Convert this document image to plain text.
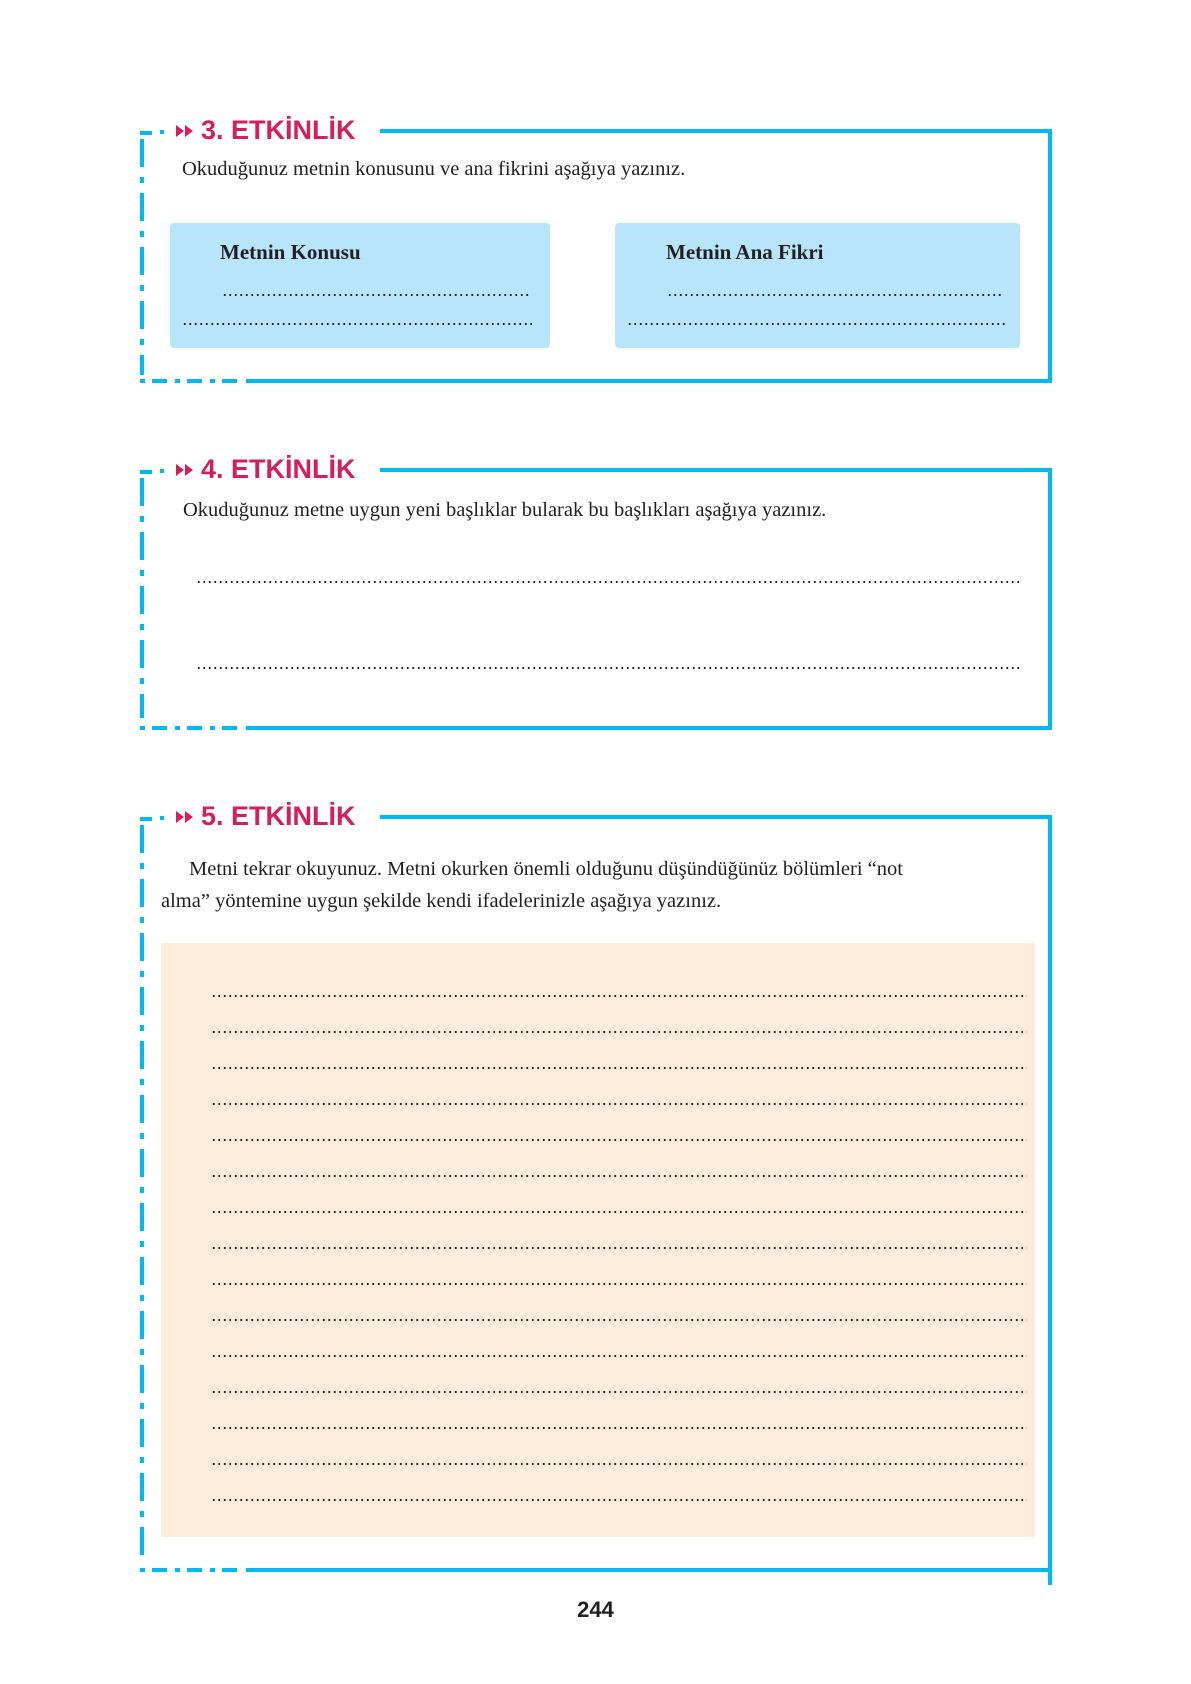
3. ETKİNLİK
Okuduğunuz metnin konusunu ve ana fikrini aşağıya yazınız.
Metnin Konusu	Metnin Ana Fikri
4. ETKİNLİK
Okuduğunuz metne uygun yeni başlıklar bularak bu başlıkları aşağıya yazınız.
5. ETKİNLİK
Metni tekrar okuyunuz. Metni okurken önemli olduğunu düşündüğünüz bölümleri “not
alma” yöntemine uygun şekilde kendi ifadelerinizle aşağıya yazınız.
244
